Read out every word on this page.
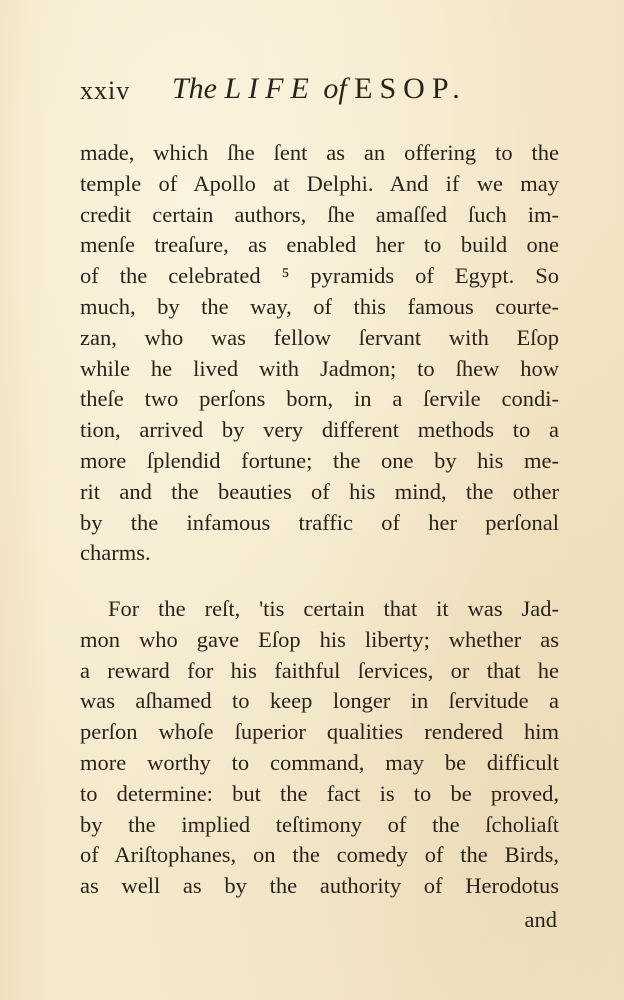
xxiv The LIFE of ESOP.
made, which ſhe ſent as an offering to the
temple of Apollo at Delphi. And if we may
credit certain authors, ſhe amaſſed ſuch im-
menſe treaſure, as enabled her to build one
of the celebrated ⁵ pyramids of Egypt. So
much, by the way, of this famous courte-
zan, who was fellow ſervant with Eſop
while he lived with Jadmon; to ſhew how
theſe two perſons born, in a ſervile condi-
tion, arrived by very different methods to a
more ſplendid fortune; the one by his me-
rit and the beauties of his mind, the other
by the infamous traffic of her perſonal
charms.
For the reſt, 'tis certain that it was Jad-
mon who gave Eſop his liberty; whether as
a reward for his faithful ſervices, or that he
was aſhamed to keep longer in ſervitude a
perſon whoſe ſuperior qualities rendered him
more worthy to command, may be difficult
to determine: but the fact is to be proved,
by the implied teſtimony of the ſcholiaſt
of Ariſtophanes, on the comedy of the Birds,
as well as by the authority of Herodotus
and
